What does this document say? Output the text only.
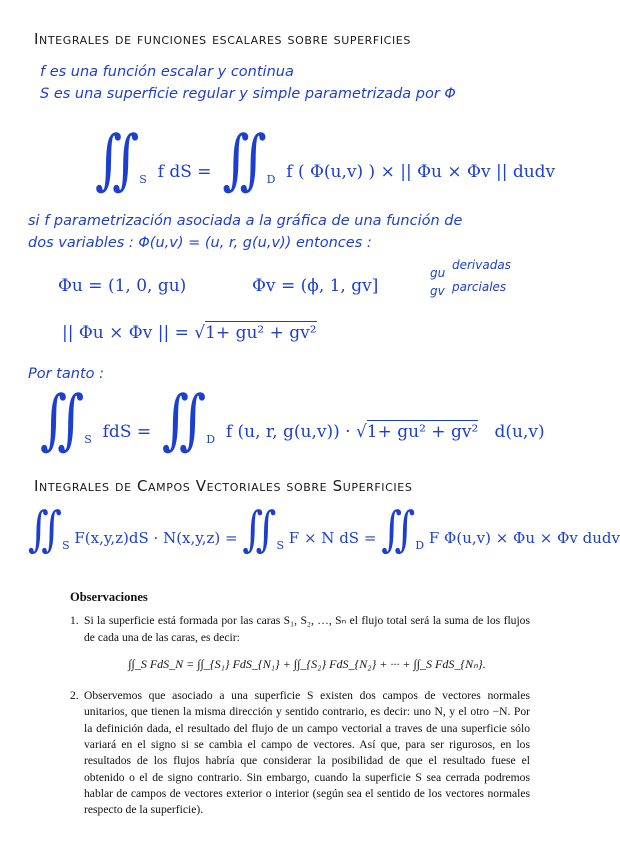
Integrales de funciones escalares sobre superficies
f es una función escalar y continua
S es una superficie regular y simple parametrizada por Φ
$∬_S$ f dS = $∬_D$ f ( Φ(u,v) ) × || Φu × Φv || dudv
si f parametrización asociada a la gráfica de una función de
dos variables : Φ(u,v) = (u, r, g(u,v)) entonces :
Φu = (1, 0, gu)	Φv = (ϕ, 1, gv]
gu
gv
derivadas
parciales
|| Φu × Φv || = √1+ gu² + gv²
Por tanto :
$∬_S$ fdS = $∬_D$ f (u, r, g(u,v)) · √1+ gu² + gv² d(u,v)
Integrales de Campos Vectoriales sobre Superficies
$∬_S$ $F(x,y,z)dS \cdot N(x,y,z) = ∬_S$ F × N dS = $∬_D$ F Φ(u,v) × Φu × Φv dudv
Observaciones
1. Si la superficie está formada por las caras S₁, S₂, …, Sₙ el flujo total será la suma de los flujos de cada una de las caras, es decir:
∫∫_S FdS_N = ∫∫_{S₁} FdS_{N₁} + ∫∫_{S₂} FdS_{N₂} + ··· + ∫∫_S FdS_{Nₙ}.
2. Observemos que asociado a una superficie S existen dos campos de vectores normales unitarios, que tienen la misma dirección y sentido contrario, es decir: uno N, y el otro −N. Por la definición dada, el resultado del flujo de un campo vectorial a traves de una superficie sólo variará en el signo si se cambia el campo de vectores. Así que, para ser rigurosos, en los resultados de los flujos habría que considerar la posibilidad de que el resultado fuese el obtenido o el de signo contrario. Sin embargo, cuando la superficie S sea cerrada podremos hablar de campos de vectores exterior o interior (según sea el sentido de los vectores normales respecto de la superficie).
